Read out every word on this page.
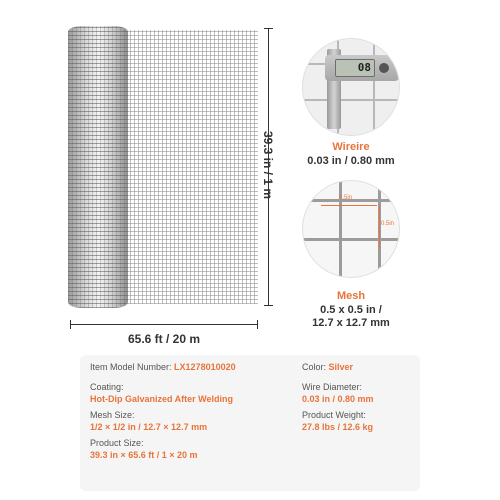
39.3 in / 1 m
65.6 ft / 20 m
08
Wireire
0.03 in / 0.80 mm
0.5in
0.5in
Mesh
0.5 x 0.5 in /
12.7 x 12.7 mm
Item Model Number: LX1278010020
Coating:
Hot-Dip Galvanized After Welding
Mesh Size:
1/2 × 1/2 in / 12.7 × 12.7 mm
Product Size:
39.3 in × 65.6 ft / 1 × 20 m
Color: Silver
Wire Diameter:
0.03 in / 0.80 mm
Product Weight:
27.8 lbs / 12.6 kg
